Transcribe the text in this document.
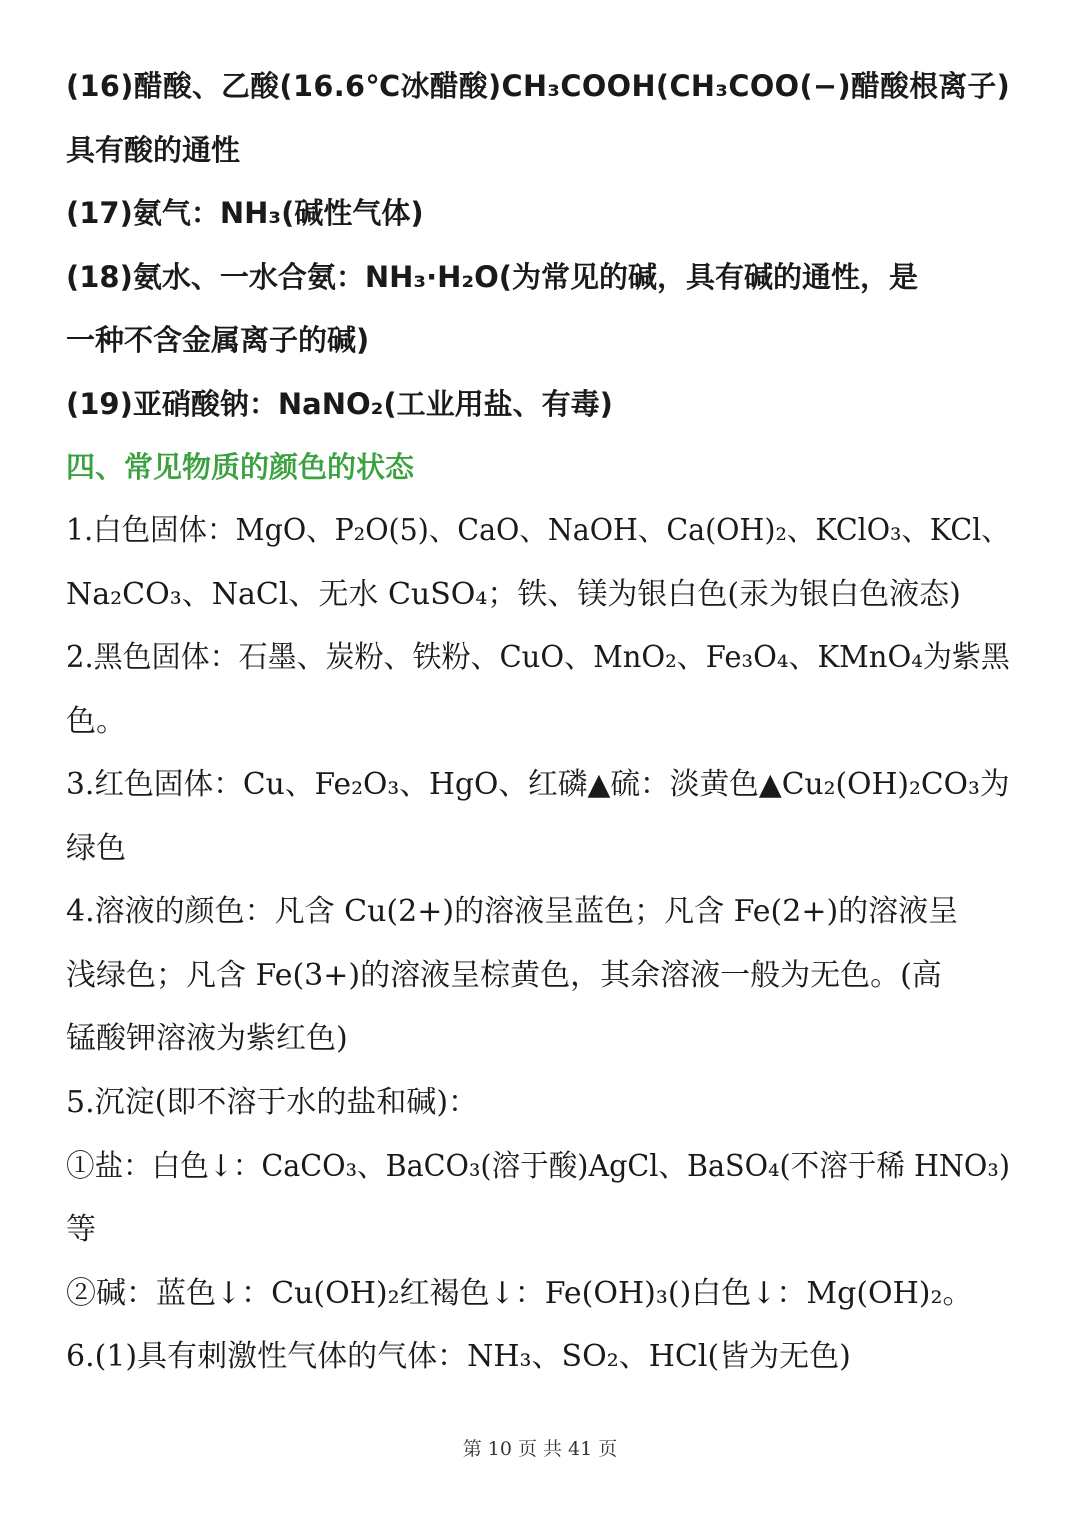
(16)醋酸、乙酸(16.6℃冰醋酸)CH₃COOH(CH₃COO(−)醋酸根离子)
具有酸的通性
(17)氨气：NH₃(碱性气体)
(18)氨水、一水合氨：NH₃·H₂O(为常见的碱，具有碱的通性，是
一种不含金属离子的碱)
(19)亚硝酸钠：NaNO₂(工业用盐、有毒)
四、常见物质的颜色的状态
1.白色固体：MgO、P₂O(5)、CaO、NaOH、Ca(OH)₂、KClO₃、KCl、
Na₂CO₃、NaCl、无水 CuSO₄；铁、镁为银白色(汞为银白色液态)
2.黑色固体：石墨、炭粉、铁粉、CuO、MnO₂、Fe₃O₄、KMnO₄为紫黑
色。
3.红色固体：Cu、Fe₂O₃、HgO、红磷▲硫：淡黄色▲Cu₂(OH)₂CO₃为
绿色
4.溶液的颜色：凡含 Cu(2+)的溶液呈蓝色；凡含 Fe(2+)的溶液呈
浅绿色；凡含 Fe(3+)的溶液呈棕黄色，其余溶液一般为无色。(高
锰酸钾溶液为紫红色)
5.沉淀(即不溶于水的盐和碱)：
①盐：白色↓：CaCO₃、BaCO₃(溶于酸)AgCl、BaSO₄(不溶于稀 HNO₃)
等
②碱：蓝色↓：Cu(OH)₂红褐色↓：Fe(OH)₃()白色↓：Mg(OH)₂。
6.(1)具有刺激性气体的气体：NH₃、SO₂、HCl(皆为无色)
第 10 页 共 41 页
